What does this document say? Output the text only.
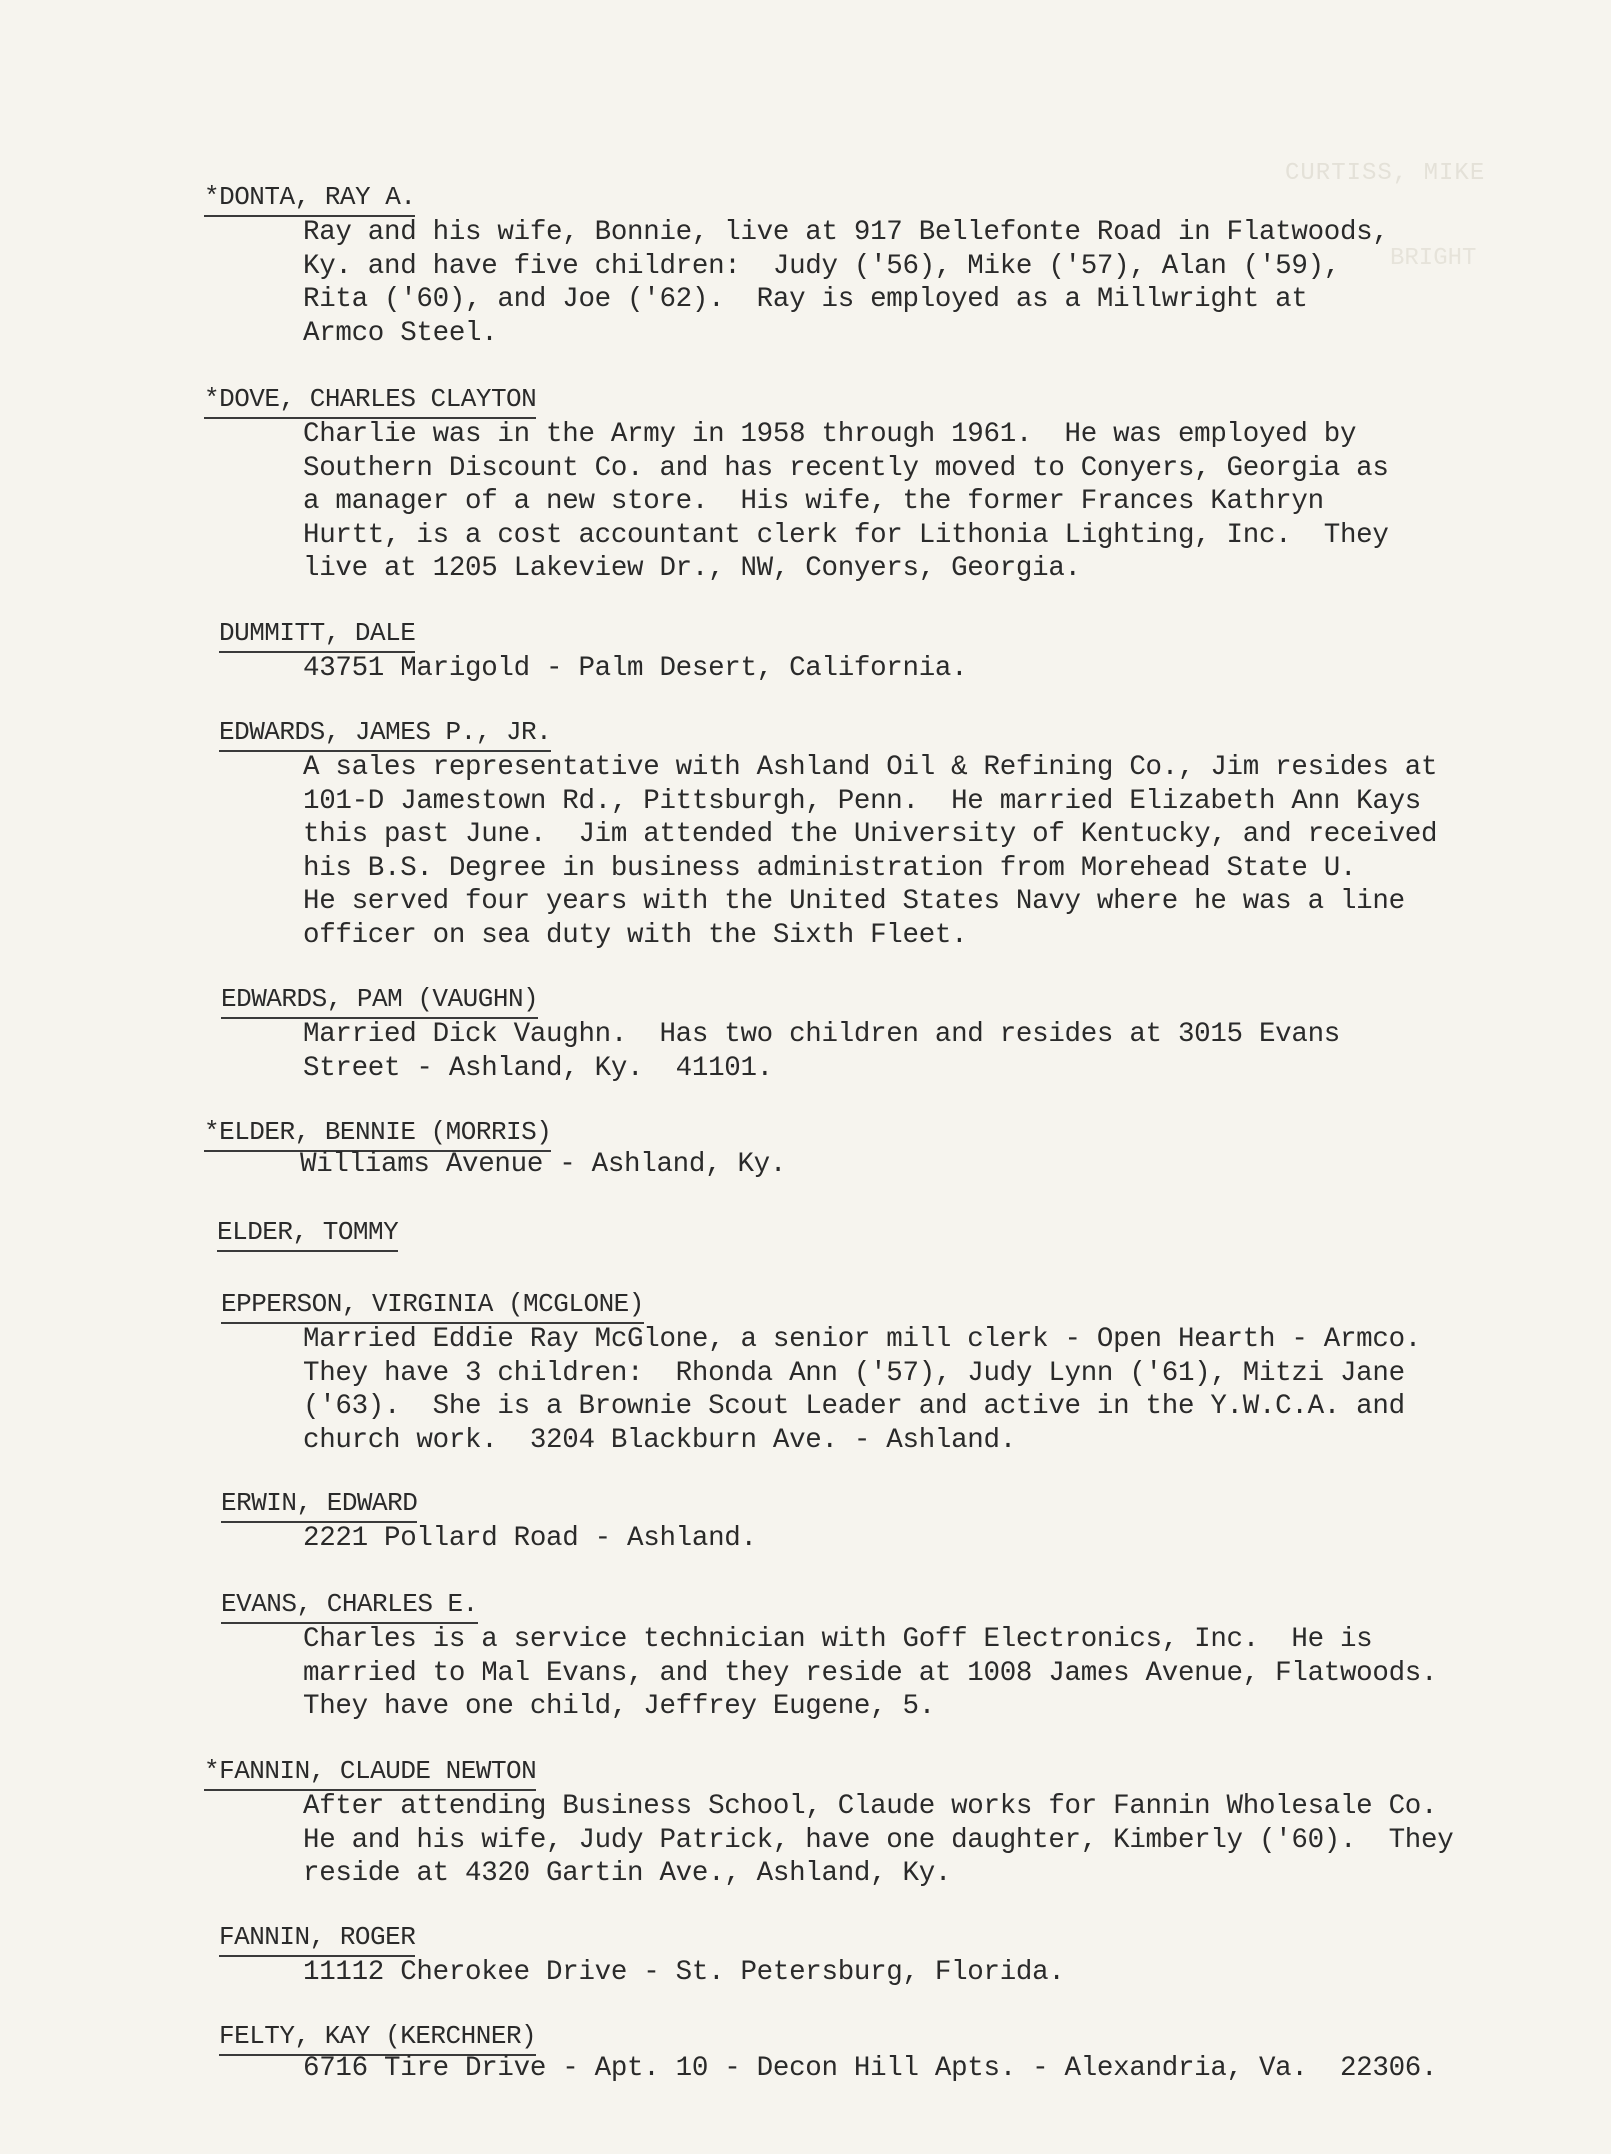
CURTISS, MIKE
BRIGHT
*DONTA, RAY A.
Ray and his wife, Bonnie, live at 917 Bellefonte Road in Flatwoods,
Ky. and have five children:  Judy ('56), Mike ('57), Alan ('59),
Rita ('60), and Joe ('62).  Ray is employed as a Millwright at
Armco Steel.
*DOVE, CHARLES CLAYTON
Charlie was in the Army in 1958 through 1961.  He was employed by
Southern Discount Co. and has recently moved to Conyers, Georgia as
a manager of a new store.  His wife, the former Frances Kathryn
Hurtt, is a cost accountant clerk for Lithonia Lighting, Inc.  They
live at 1205 Lakeview Dr., NW, Conyers, Georgia.
DUMMITT, DALE
43751 Marigold - Palm Desert, California.
EDWARDS, JAMES P., JR.
A sales representative with Ashland Oil & Refining Co., Jim resides at
101-D Jamestown Rd., Pittsburgh, Penn.  He married Elizabeth Ann Kays
this past June.  Jim attended the University of Kentucky, and received
his B.S. Degree in business administration from Morehead State U.
He served four years with the United States Navy where he was a line
officer on sea duty with the Sixth Fleet.
EDWARDS, PAM (VAUGHN)
Married Dick Vaughn.  Has two children and resides at 3015 Evans
Street - Ashland, Ky.  41101.
*ELDER, BENNIE (MORRIS)
Williams Avenue - Ashland, Ky.
ELDER, TOMMY
EPPERSON, VIRGINIA (MCGLONE)
Married Eddie Ray McGlone, a senior mill clerk - Open Hearth - Armco.
They have 3 children:  Rhonda Ann ('57), Judy Lynn ('61), Mitzi Jane
('63).  She is a Brownie Scout Leader and active in the Y.W.C.A. and
church work.  3204 Blackburn Ave. - Ashland.
ERWIN, EDWARD
2221 Pollard Road - Ashland.
EVANS, CHARLES E.
Charles is a service technician with Goff Electronics, Inc.  He is
married to Mal Evans, and they reside at 1008 James Avenue, Flatwoods.
They have one child, Jeffrey Eugene, 5.
*FANNIN, CLAUDE NEWTON
After attending Business School, Claude works for Fannin Wholesale Co.
He and his wife, Judy Patrick, have one daughter, Kimberly ('60).  They
reside at 4320 Gartin Ave., Ashland, Ky.
FANNIN, ROGER
11112 Cherokee Drive - St. Petersburg, Florida.
FELTY, KAY (KERCHNER)
6716 Tire Drive - Apt. 10 - Decon Hill Apts. - Alexandria, Va.  22306.
